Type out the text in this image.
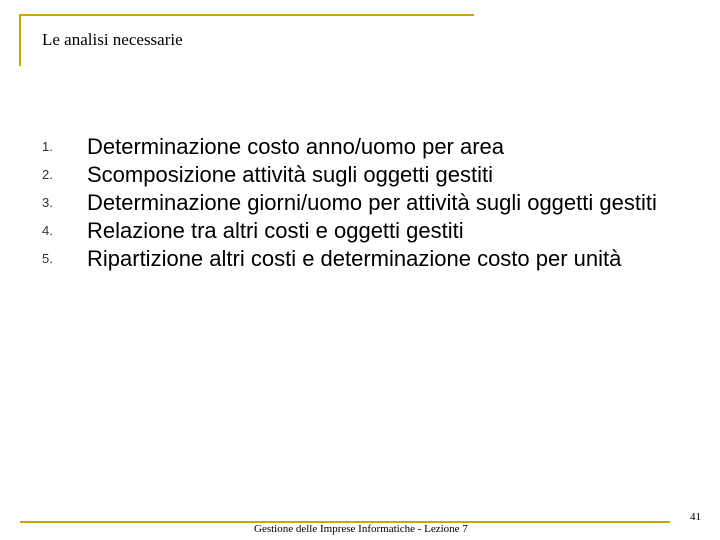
Le analisi necessarie
1.	Determinazione costo anno/uomo per area
2.	Scomposizione attività sugli oggetti gestiti
3.	Determinazione giorni/uomo per attività sugli oggetti gestiti
4.	Relazione tra altri costi e oggetti gestiti
5.	Ripartizione altri costi e determinazione costo per unità
Gestione delle Imprese Informatiche - Lezione 7
41
